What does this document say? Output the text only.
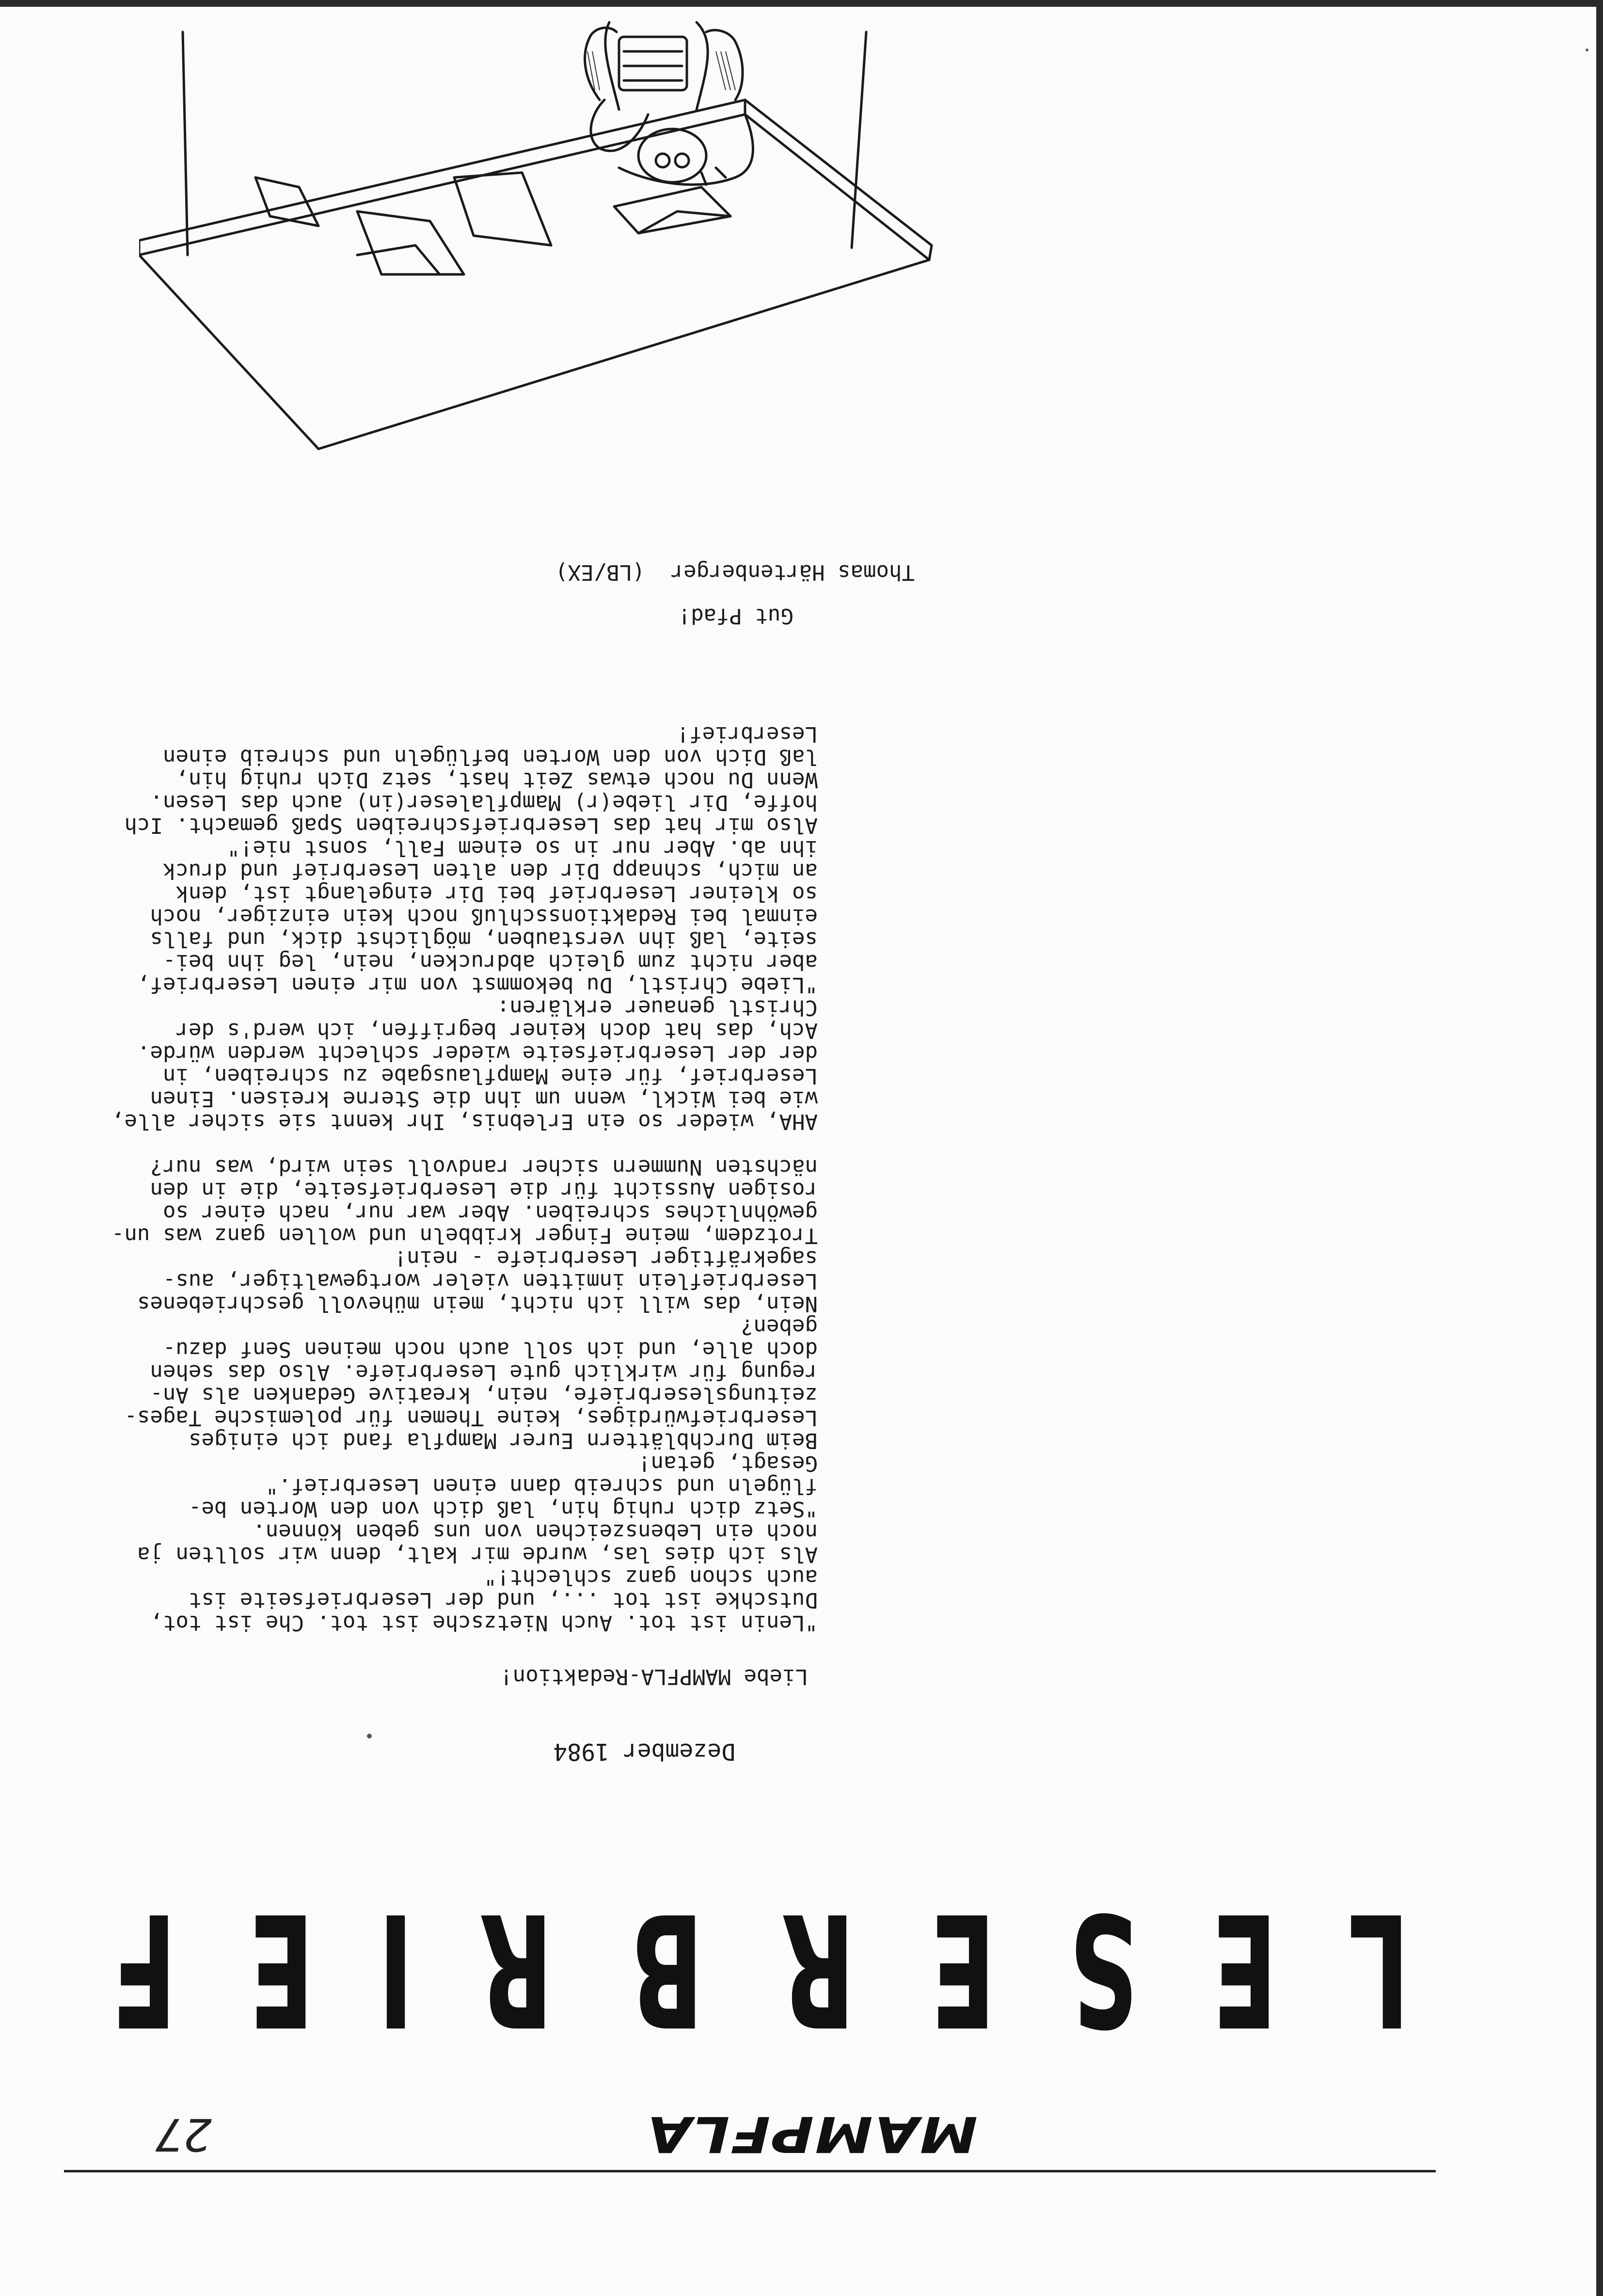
27	MAMPFLA
L
E
S
E
R
B
R
I
E
F
Dezember 1984
Liebe MAMPFLA-Redaktion!
"Lenin ist tot. Auch Nietzsche ist tot. Che ist tot,
Dutschke ist tot ..., und der Leserbriefseite ist
auch schon ganz schlecht!"
Als ich dies las, wurde mir kalt, denn wir sollten ja
noch ein Lebenszeichen von uns geben können.
"Setz dich ruhig hin, laß dich von den Worten be-
flügeln und schreib dann einen Leserbrief."
Gesagt, getan!
Beim Durchblättern Eurer Mampfla fand ich einiges
Leserbriefwürdiges, keine Themen für polemische Tages-
zeitungsleserbriefe, nein, kreative Gedanken als An-
regung für wirklich gute Leserbriefe. Also das sehen
doch alle, und ich soll auch noch meinen Senf dazu-
geben?
Nein, das will ich nicht, mein mühevoll geschriebenes
Leserbrieflein inmitten vieler wortgewaltiger, aus-
sagekräftiger Leserbriefe - nein!
Trotzdem, meine Finger kribbeln und wollen ganz was un-
gewöhnliches schreiben. Aber war nur, nach einer so
rosigen Aussicht für die Leserbriefseite, die in den
nächsten Nummern sicher randvoll sein wird, was nur?

AHA, wieder so ein Erlebnis, Ihr kennt sie sicher alle,
wie bei Wickl, wenn um ihn die Sterne kreisen. Einen
Leserbrief, für eine Mampflausgabe zu schreiben, in
der der Leserbriefseite wieder schlecht werden würde.
Ach, das hat doch keiner begriffen, ich werd's der
Christl genauer erklären:
"Liebe Christl, Du bekommst von mir einen Leserbrief,
aber nicht zum gleich abdrucken, nein, leg ihn bei-
seite, laß ihn verstauben, möglichst dick, und falls
einmal bei Redaktionsschluß noch kein einziger, noch
so kleiner Leserbrief bei Dir eingelangt ist, denk
an mich, schnapp Dir den alten Leserbrief und druck
ihn ab. Aber nur in so einem Fall, sonst nie!"
Also mir hat das Leserbriefschreiben Spaß gemacht. Ich
hoffe, Dir liebe(r) Mampflaleser(in) auch das Lesen.
Wenn Du noch etwas Zeit hast, setz Dich ruhig hin,
laß Dich von den Worten beflügeln und schreib einen
Leserbrief!
Gut Pfad!
Thomas Härtenberger  (LB/EX)
